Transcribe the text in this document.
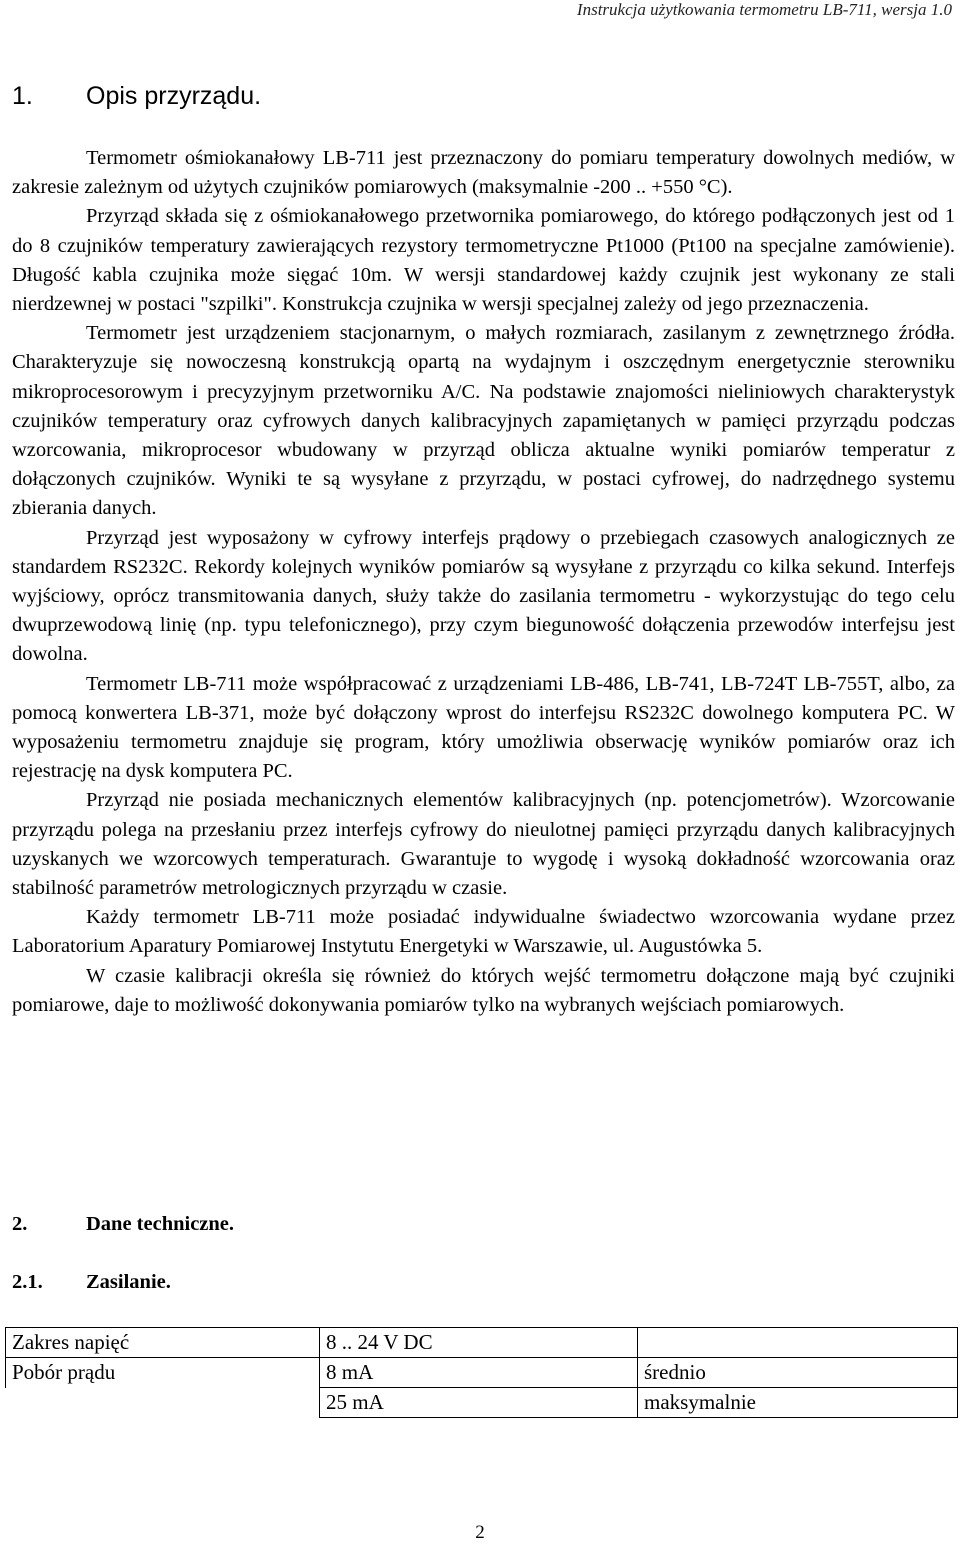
Instrukcja użytkowania termometru LB-711, wersja 1.0
1.	Opis przyrządu.

Termometr ośmiokanałowy LB-711 jest przeznaczony do pomiaru temperatury dowolnych mediów, w zakresie zależnym od użytych czujników pomiarowych (maksymalnie -200 .. +550 °C).

Przyrząd składa się z ośmiokanałowego przetwornika pomiarowego, do którego podłączonych jest od 1 do 8 czujników temperatury zawierających rezystory termometryczne Pt1000 (Pt100 na specjalne zamówienie). Długość kabla czujnika może sięgać 10m. W wersji standardowej każdy czujnik jest wykonany ze stali nierdzewnej w postaci "szpilki". Konstrukcja czujnika w wersji specjalnej zależy od jego przeznaczenia.

Termometr jest urządzeniem stacjonarnym, o małych rozmiarach, zasilanym z zewnętrznego źródła. Charakteryzuje się nowoczesną konstrukcją opartą na wydajnym i oszczędnym energetycznie sterowniku mikroprocesorowym i precyzyjnym przetworniku A/C. Na podstawie znajomości nieliniowych charakterystyk czujników temperatury oraz cyfrowych danych kalibracyjnych zapamiętanych w pamięci przyrządu podczas wzorcowania, mikroprocesor wbudowany w przyrząd oblicza aktualne wyniki pomiarów temperatur z dołączonych czujników. Wyniki te są wysyłane z przyrządu, w postaci cyfrowej, do nadrzędnego systemu zbierania danych.

Przyrząd jest wyposażony w cyfrowy interfejs prądowy o przebiegach czasowych analogicznych ze standardem RS232C. Rekordy kolejnych wyników pomiarów są wysyłane z przyrządu co kilka sekund. Interfejs wyjściowy, oprócz transmitowania danych, służy także do zasilania termometru - wykorzystując do tego celu dwuprzewodową linię (np. typu telefonicznego), przy czym biegunowość dołączenia przewodów interfejsu jest dowolna.

Termometr LB-711 może współpracować z urządzeniami LB-486, LB-741, LB-724T LB-755T, albo, za pomocą konwertera LB-371, może być dołączony wprost do interfejsu RS232C dowolnego komputera PC. W wyposażeniu termometru znajduje się program, który umożliwia obserwację wyników pomiarów oraz ich rejestrację na dysk komputera PC.

Przyrząd nie posiada mechanicznych elementów kalibracyjnych (np. potencjometrów). Wzorcowanie przyrządu polega na przesłaniu przez interfejs cyfrowy do nieulotnej pamięci przyrządu danych kalibracyjnych uzyskanych we wzorcowych temperaturach. Gwarantuje to wygodę i wysoką dokładność wzorcowania oraz stabilność parametrów metrologicznych przyrządu w czasie.

Każdy termometr LB-711 może posiadać indywidualne świadectwo wzorcowania wydane przez Laboratorium Aparatury Pomiarowej Instytutu Energetyki w Warszawie, ul. Augustówka 5.

W czasie kalibracji określa się również do których wejść termometru dołączone mają być czujniki pomiarowe, daje to możliwość dokonywania pomiarów tylko na wybranych wejściach pomiarowych.

2.	Dane techniczne.
2.1.	Zasilanie.
Zakres napięć	8 .. 24 V DC	
Pobór prądu	8 mA	średnio
	25 mA	maksymalnie
2
